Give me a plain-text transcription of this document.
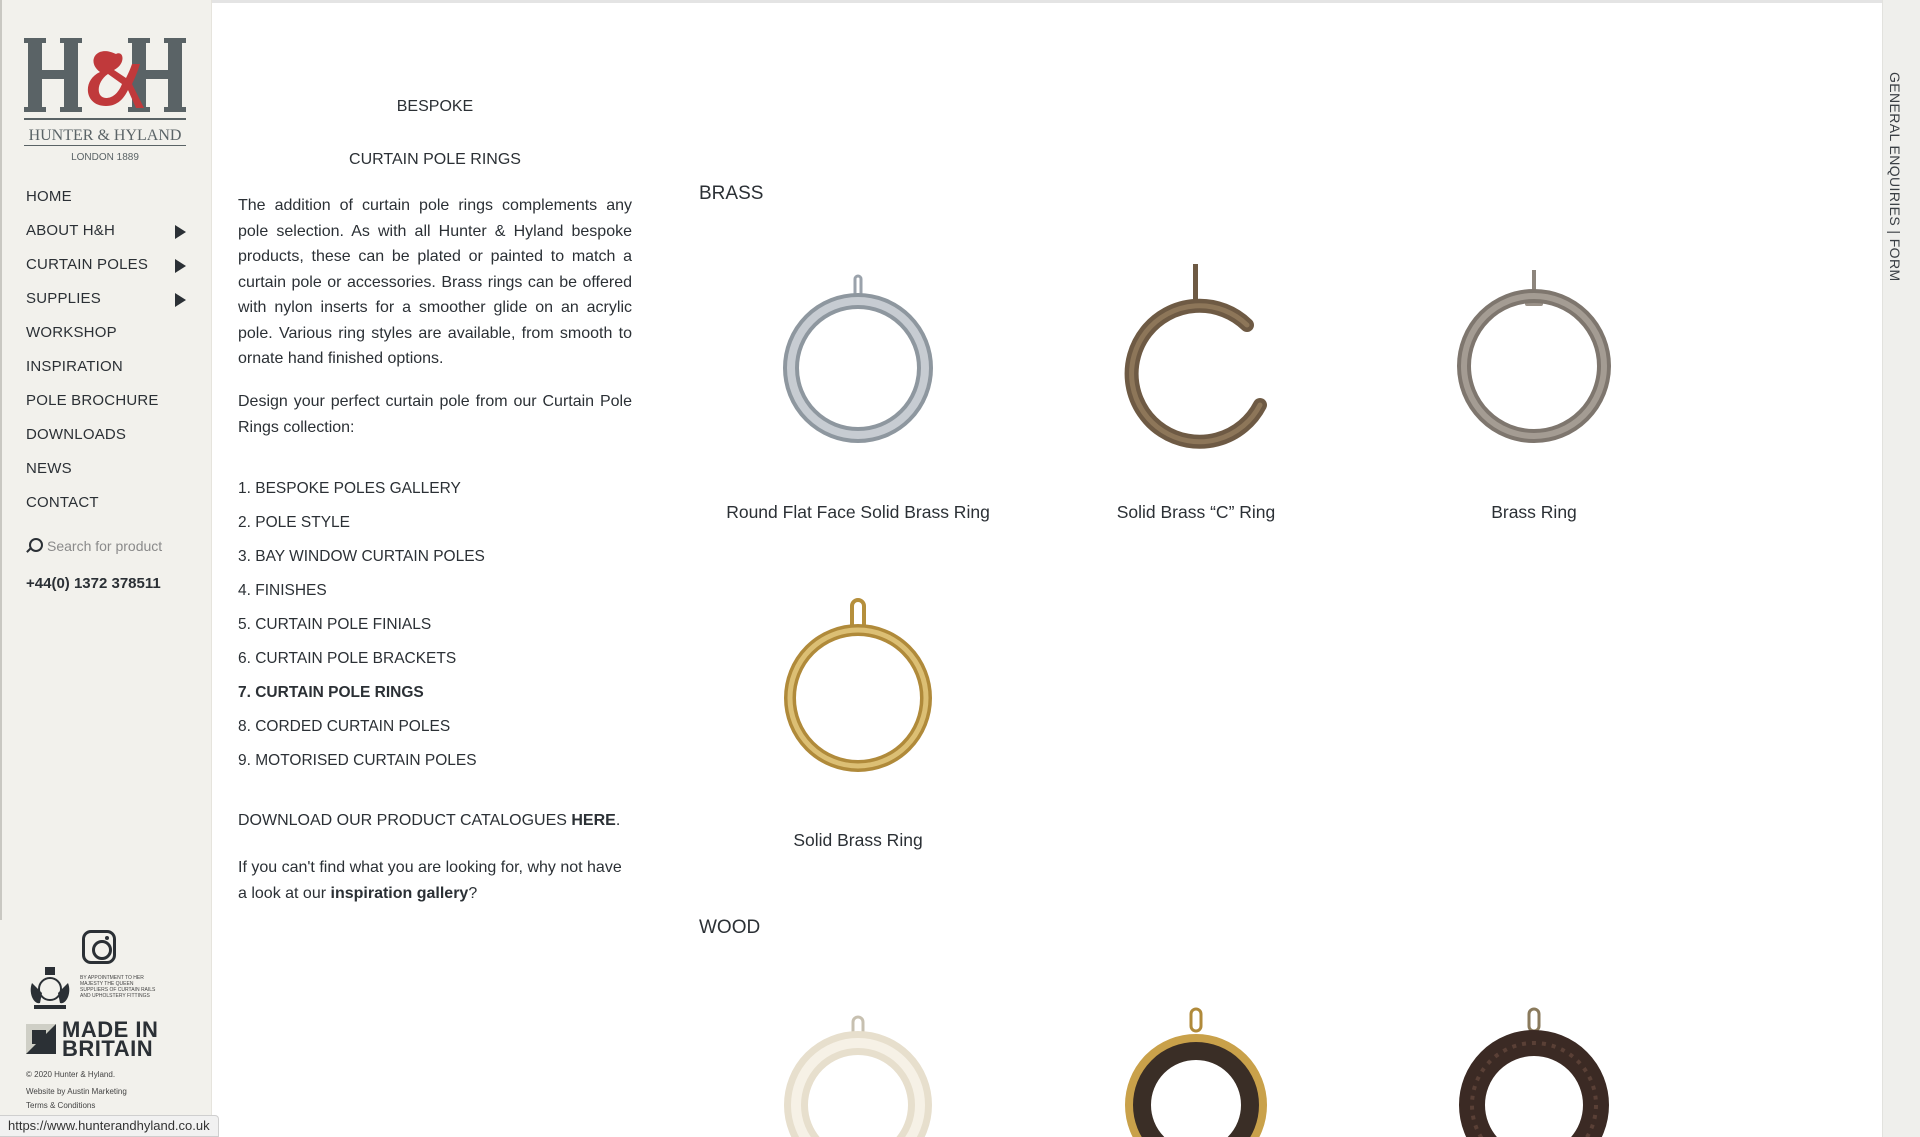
HUNTER & HYLAND
LONDON 1889
HOME
ABOUT H&H
CURTAIN POLES
SUPPLIES
WORKSHOP
INSPIRATION
POLE BROCHURE
DOWNLOADS
NEWS
CONTACT
Search for product
+44(0) 1372 378511
BY APPOINTMENT TO HER MAJESTY THE QUEEN SUPPLIERS OF CURTAIN RAILS AND UPHOLSTERY FITTINGS
MADE IN
BRITAIN
© 2020 Hunter & Hyland.
Website by Austin Marketing
Terms & Conditions
https://www.hunterandhyland.co.uk
BESPOKE
CURTAIN POLE RINGS

The addition of curtain pole rings complements any pole selection. As with all Hunter & Hyland bespoke products, these can be plated or painted to match a curtain pole or accessories. Brass rings can be offered with nylon inserts for a smoother glide on an acrylic pole. Various ring styles are available, from smooth to ornate hand finished options.

Design your perfect curtain pole from our Curtain Pole Rings collection:

1. BESPOKE POLES GALLERY
2. POLE STYLE
3. BAY WINDOW CURTAIN POLES
4. FINISHES
5. CURTAIN POLE FINIALS
6. CURTAIN POLE BRACKETS
7. CURTAIN POLE RINGS
8. CORDED CURTAIN POLES
9. MOTORISED CURTAIN POLES
DOWNLOAD OUR PRODUCT CATALOGUES HERE.

If you can't find what you are looking for, why not have a look at our inspiration gallery?

BRASS
Round Flat Face Solid Brass Ring	Solid Brass “C” Ring	Brass Ring
Solid Brass Ring
WOOD
GENERAL ENQUIRIES | FORM
